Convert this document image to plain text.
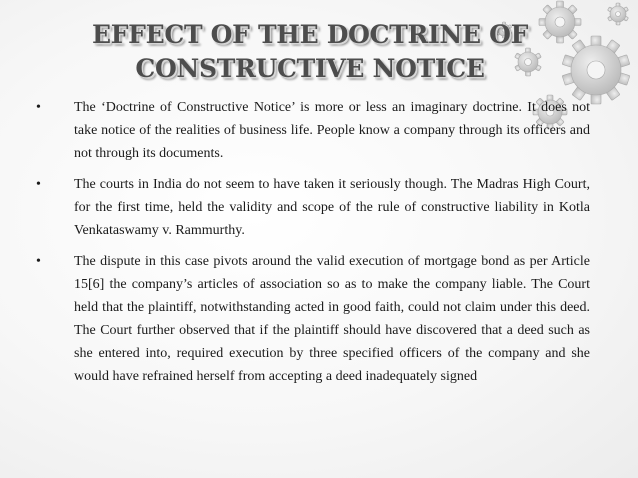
EFFECT OF THE DOCTRINE OF
CONSTRUCTIVE NOTICE
• The ‘Doctrine of Constructive Notice’ is more or less an imaginary doctrine. It does not take notice of the realities of business life. People know a company through its officers and not through its documents.
• The courts in India do not seem to have taken it seriously though. The Madras High Court, for the first time, held the validity and scope of the rule of constructive liability in Kotla Venkataswamy v. Rammurthy.
• The dispute in this case pivots around the valid execution of mortgage bond as per Article 15[6] the company’s articles of association so as to make the company liable. The Court held that the plaintiff, notwithstanding acted in good faith, could not claim under this deed. The Court further observed that if the plaintiff should have discovered that a deed such as she entered into, required execution by three specified officers of the company and she would have refrained herself from accepting a deed inadequately signed
